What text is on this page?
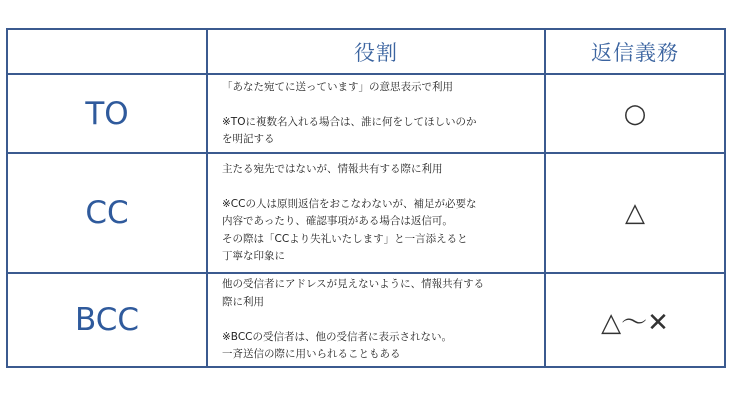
	役割	返信義務
TO	「あなた宛てに送っています」の意思表示で利用
※TOに複数名入れる場合は、誰に何をしてほしいのか
を明記する	○
CC	主たる宛先ではないが、情報共有する際に利用
※CCの人は原則返信をおこなわないが、補足が必要な
内容であったり、確認事項がある場合は返信可。
その際は「CCより失礼いたします」と一言添えると
丁寧な印象に	△
BCC	他の受信者にアドレスが見えないように、情報共有する
際に利用
※BCCの受信者は、他の受信者に表示されない。
一斉送信の際に用いられることもある	△～✕
